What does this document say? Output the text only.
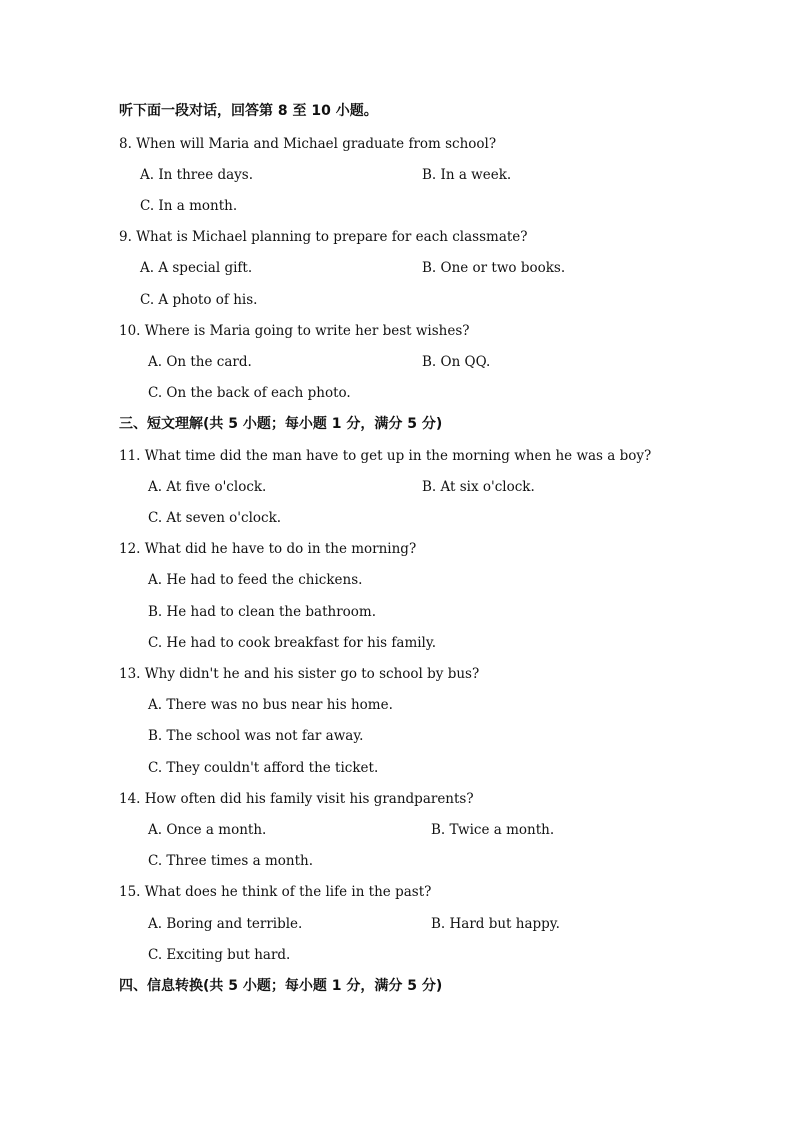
听下面一段对话，回答第 8 至 10 小题。
8. When will Maria and Michael graduate from school?
A. In three days.	B. In a week.
C. In a month.
9. What is Michael planning to prepare for each classmate?
A. A special gift.	B. One or two books.
C. A photo of his.
10. Where is Maria going to write her best wishes?
A. On the card.	B. On QQ.
C. On the back of each photo.
三、短文理解(共 5 小题；每小题 1 分，满分 5 分)
11. What time did the man have to get up in the morning when he was a boy?
A. At five o'clock.	B. At six o'clock.
C. At seven o'clock.
12. What did he have to do in the morning?
A. He had to feed the chickens.
B. He had to clean the bathroom.
C. He had to cook breakfast for his family.
13. Why didn't he and his sister go to school by bus?
A. There was no bus near his home.
B. The school was not far away.
C. They couldn't afford the ticket.
14. How often did his family visit his grandparents?
A. Once a month.	B. Twice a month.
C. Three times a month.
15. What does he think of the life in the past?
A. Boring and terrible.	B. Hard but happy.
C. Exciting but hard.
四、信息转换(共 5 小题；每小题 1 分，满分 5 分)
